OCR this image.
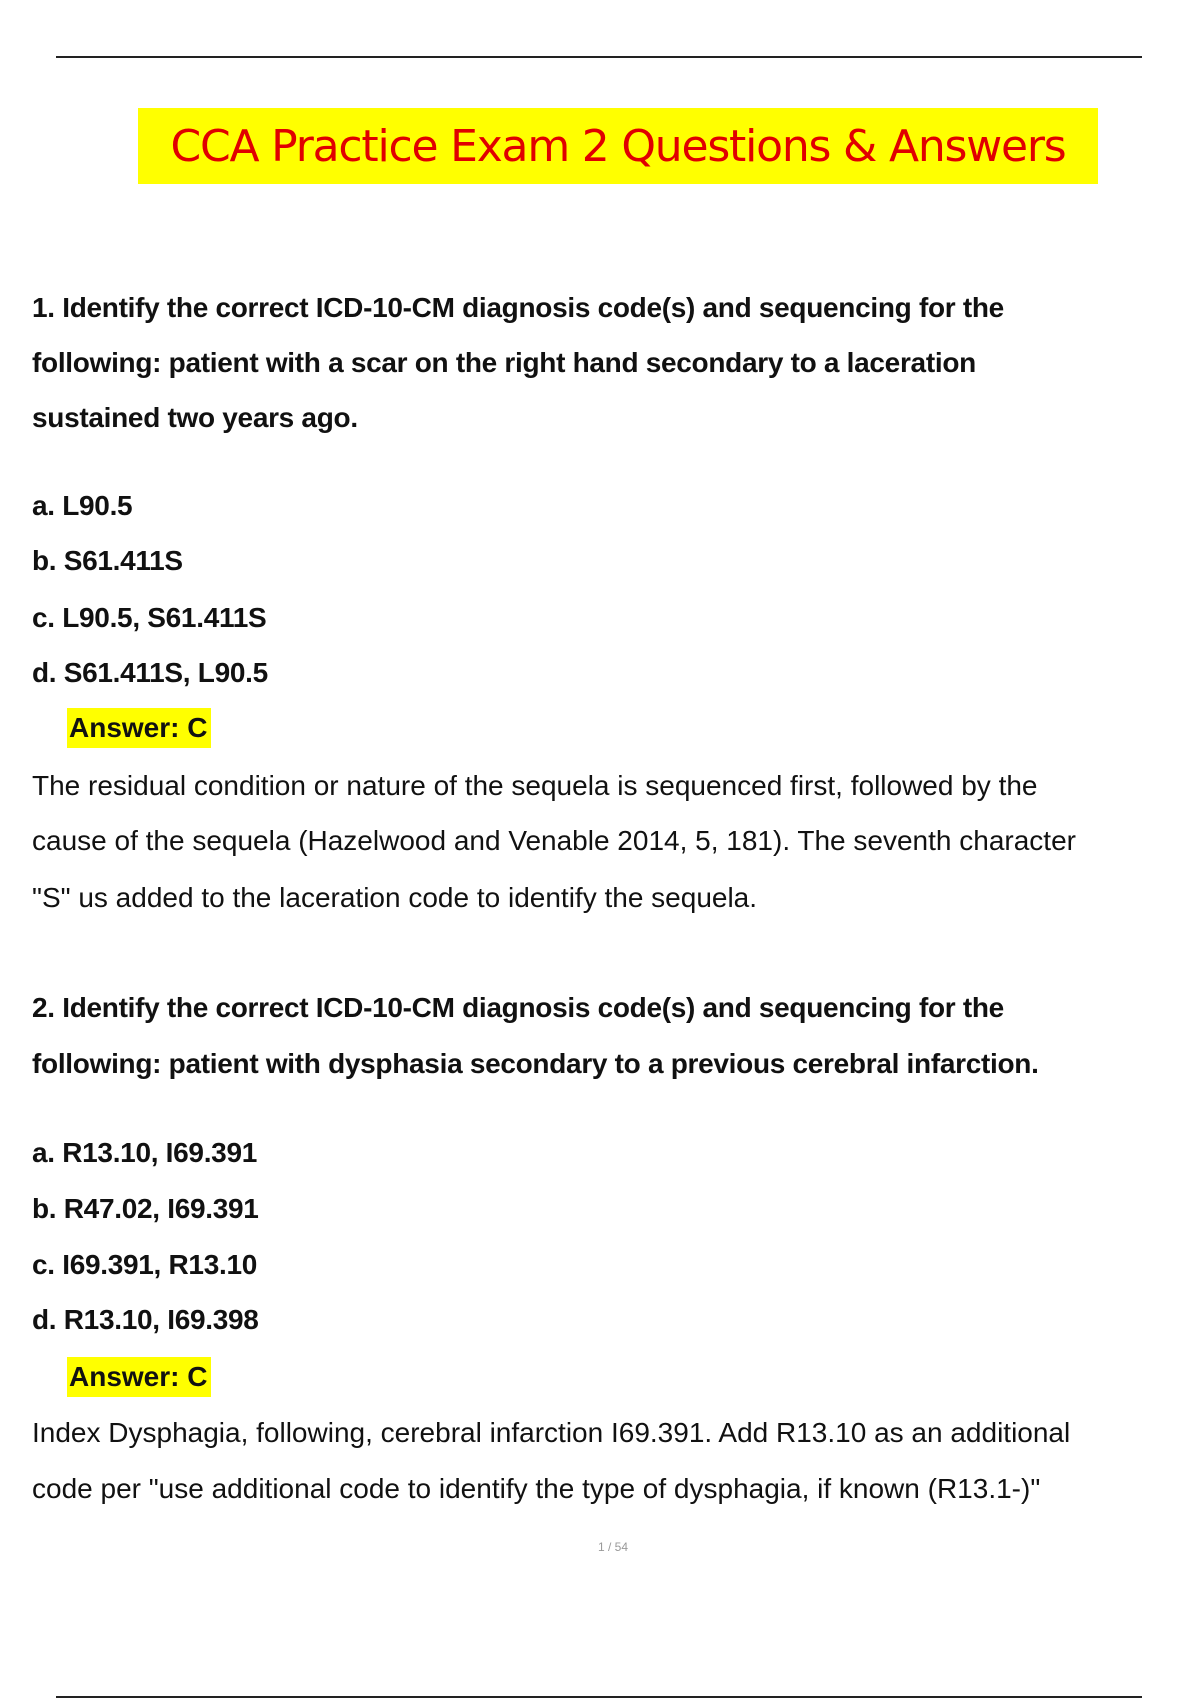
CCA Practice Exam 2 Questions & Answers
1. Identify the correct ICD-10-CM diagnosis code(s) and sequencing for the
following: patient with a scar on the right hand secondary to a laceration
sustained two years ago.
a. L90.5
b. S61.411S
c. L90.5, S61.411S
d. S61.411S, L90.5
Answer: C
The residual condition or nature of the sequela is sequenced first, followed by the
cause of the sequela (Hazelwood and Venable 2014, 5, 181). The seventh character
"S" us added to the laceration code to identify the sequela.
2. Identify the correct ICD-10-CM diagnosis code(s) and sequencing for the
following: patient with dysphasia secondary to a previous cerebral infarction.
a. R13.10, I69.391
b. R47.02, I69.391
c. I69.391, R13.10
d. R13.10, I69.398
Answer: C
Index Dysphagia, following, cerebral infarction I69.391. Add R13.10 as an additional
code per "use additional code to identify the type of dysphagia, if known (R13.1-)"
1 / 54
